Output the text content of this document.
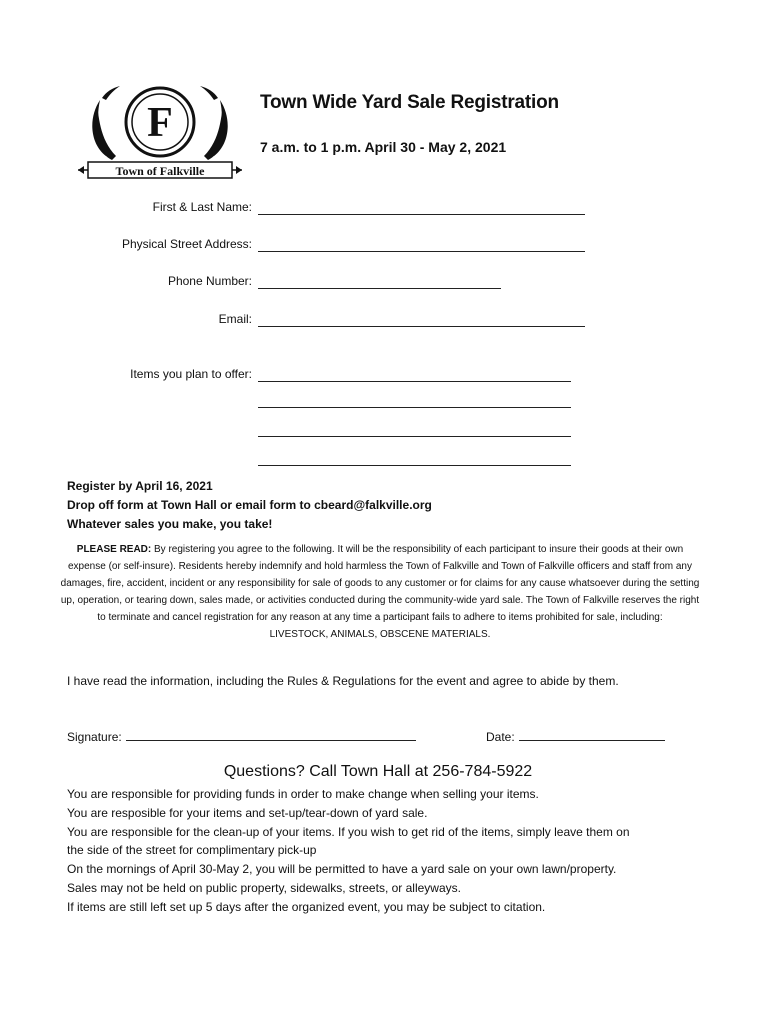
F
Town of Falkville
Town Wide Yard Sale Registration
7 a.m. to 1 p.m. April 30 - May 2, 2021
First & Last Name:
Physical Street Address:
Phone Number:
Email:
Items you plan to offer:
Register by April 16, 2021
Drop off form at Town Hall or email form to cbeard@falkville.org
Whatever sales you make, you take!
PLEASE READ: By registering you agree to the following. It will be the responsibility of each participant to insure their goods at their own expense (or self-insure). Residents hereby indemnify and hold harmless the Town of Falkville and Town of Falkville officers and staff from any damages, fire, accident, incident or any responsibility for sale of goods to any customer or for claims for any cause whatsoever during the setting up, operation, or tearing down, sales made, or activities conducted during the community-wide yard sale. The Town of Falkville reserves the right to terminate and cancel registration for any reason at any time a participant fails to adhere to items prohibited for sale, including:
LIVESTOCK, ANIMALS, OBSCENE MATERIALS.
I have read the information, including the Rules & Regulations for the event and agree to abide by them.
Signature:	Date:
Questions? Call Town Hall at 256-784-5922
You are responsible for providing funds in order to make change when selling your items.
You are resposible for your items and set-up/tear-down of yard sale.
You are responsible for the clean-up of your items. If you wish to get rid of the items, simply leave them on
the side of the street for complimentary pick-up
On the mornings of April 30-May 2, you will be permitted to have a yard sale on your own lawn/property.
Sales may not be held on public property, sidewalks, streets, or alleyways.
If items are still left set up 5 days after the organized event, you may be subject to citation.
